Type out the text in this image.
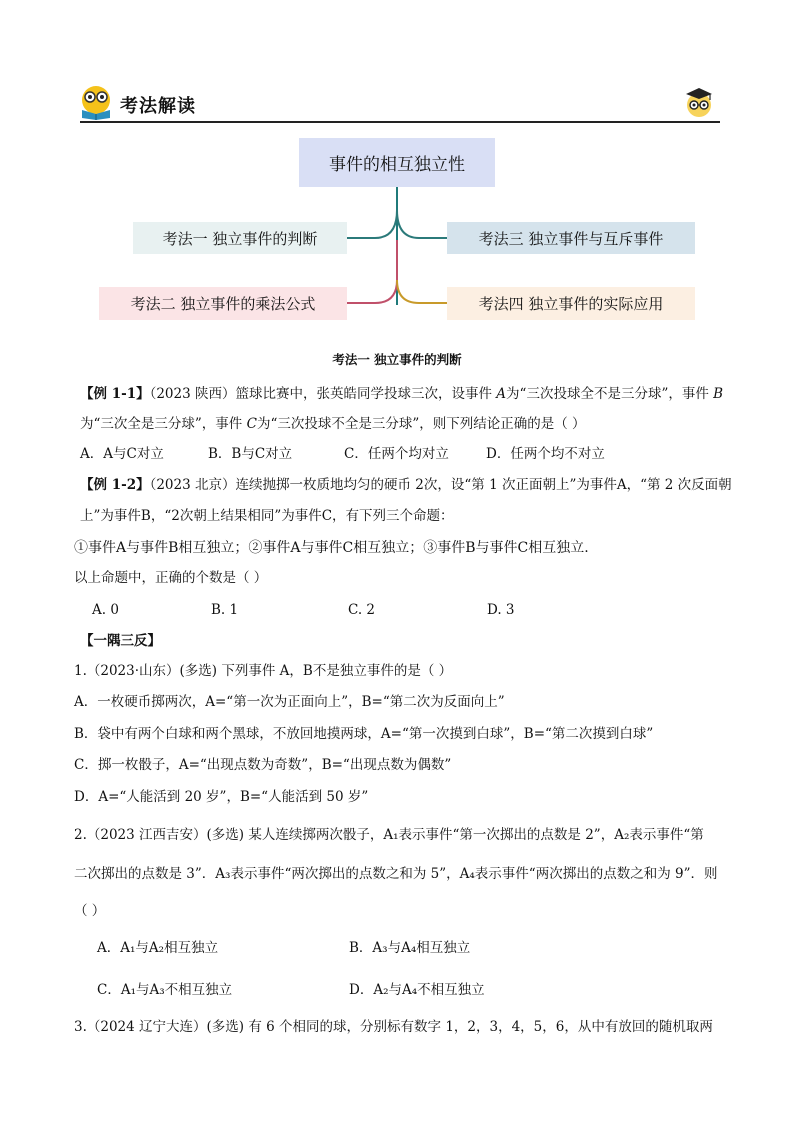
考法解读
事件的相互独立性
考法一 独立事件的判断	考法三 独立事件与互斥事件
考法二 独立事件的乘法公式	考法四 独立事件的实际应用
考法一 独立事件的判断
【例 1-1】（2023 陕西）篮球比赛中，张英皓同学投球三次，设事件 A为“三次投球全不是三分球”，事件 B
为“三次全是三分球”，事件 C为“三次投球不全是三分球”，则下列结论正确的是（ ）
A．A与C对立	B．B与C对立	C．任两个均对立	D．任两个均不对立
【例 1-2】（2023 北京）连续抛掷一枚质地均匀的硬币 2次，设“第 1 次正面朝上”为事件A，“第 2 次反面朝
上”为事件B，“2次朝上结果相同”为事件C，有下列三个命题：
①事件A与事件B相互独立；②事件A与事件C相互独立；③事件B与事件C相互独立.
以上命题中，正确的个数是（ ）
A. 0	B. 1	C. 2	D. 3
【一隅三反】
1.（2023·山东）(多选) 下列事件 A，B不是独立事件的是（ ）
A．一枚硬币掷两次，A=“第一次为正面向上”，B=“第二次为反面向上”
B．袋中有两个白球和两个黑球，不放回地摸两球，A=“第一次摸到白球”，B=“第二次摸到白球”
C．掷一枚骰子，A=“出现点数为奇数”，B=“出现点数为偶数”
D．A=“人能活到 20 岁”，B=“人能活到 50 岁”
2.（2023 江西吉安）(多选) 某人连续掷两次骰子，A₁表示事件“第一次掷出的点数是 2”，A₂表示事件“第
二次掷出的点数是 3”．A₃表示事件“两次掷出的点数之和为 5”，A₄表示事件“两次掷出的点数之和为 9”．则
（ ）
A．A₁与A₂相互独立	B．A₃与A₄相互独立
C．A₁与A₃不相互独立	D．A₂与A₄不相互独立
3.（2024 辽宁大连）(多选) 有 6 个相同的球，分别标有数字 1，2，3，4，5，6，从中有放回的随机取两
